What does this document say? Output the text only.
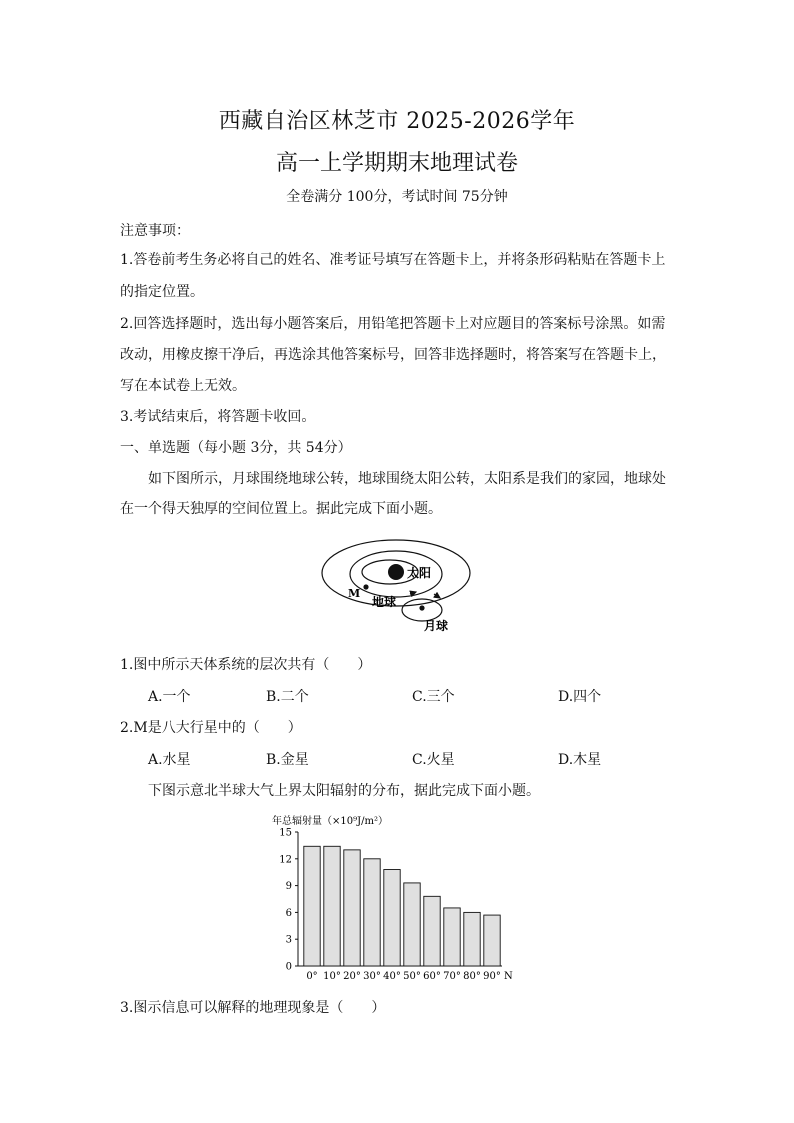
西藏自治区林芝市 2025-2026学年
高一上学期期末地理试卷
全卷满分 100分，考试时间 75分钟
注意事项：
1.答卷前考生务必将自己的姓名、准考证号填写在答题卡上，并将条形码粘贴在答题卡上
的指定位置。
2.回答选择题时，选出每小题答案后，用铅笔把答题卡上对应题目的答案标号涂黑。如需
改动，用橡皮擦干净后，再选涂其他答案标号，回答非选择题时，将答案写在答题卡上，
写在本试卷上无效。
3.考试结束后，将答题卡收回。
一、单选题（每小题 3分，共 54分）
如下图所示，月球围绕地球公转，地球围绕太阳公转，太阳系是我们的家园，地球处
在一个得天独厚的空间位置上。据此完成下面小题。
太阳
M
地球
月球
1.图中所示天体系统的层次共有（　　）
A.一个	B.二个	C.三个	D.四个
2.M是八大行星中的（　　）
A.水星	B.金星	C.火星	D.木星
下图示意北半球大气上界太阳辐射的分布，据此完成下面小题。
年总辐射量（×10⁹J/m²）
0
3
6
9
12
15
0° 10° 20° 30° 40° 50° 60° 70° 80° 90° N
3.图示信息可以解释的地理现象是（　　）
